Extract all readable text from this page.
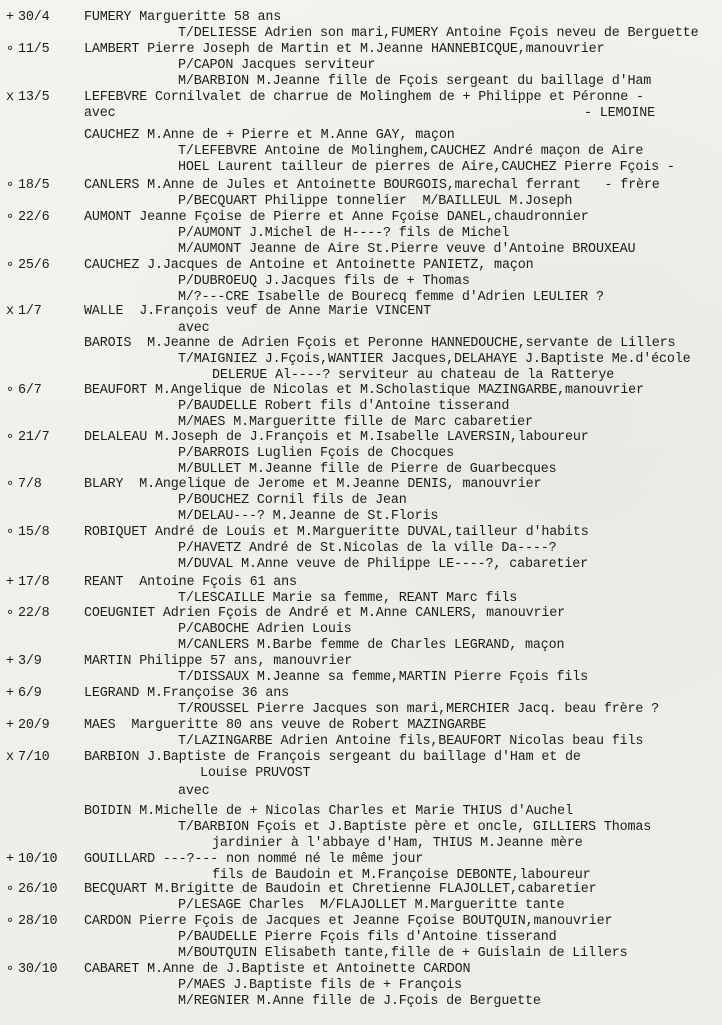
+ 30/4	FUMERY Margueritte 58 ans
T/DELIESSE Adrien son mari,FUMERY Antoine Fçois neveu de Berguette
∘ 11/5	LAMBERT Pierre Joseph de Martin et M.Jeanne HANNEBICQUE,manouvrier
P/CAPON Jacques serviteur
M/BARBION M.Jeanne fille de Fçois sergeant du baillage d'Ham
x 13/5	LEFEBVRE Cornilvalet de charrue de Molinghem de + Philippe et Péronne -
avec	- LEMOINE
CAUCHEZ M.Anne de + Pierre et M.Anne GAY, maçon
T/LEFEBVRE Antoine de Molinghem,CAUCHEZ André maçon de Aire
HOEL Laurent tailleur de pierres de Aire,CAUCHEZ Pierre Fçois -
∘ 18/5	CANLERS M.Anne de Jules et Antoinette BOURGOIS,marechal ferrant   - frère
P/BECQUART Philippe tonnelier  M/BAILLEUL M.Joseph
∘ 22/6	AUMONT Jeanne Fçoise de Pierre et Anne Fçoise DANEL,chaudronnier
P/AUMONT J.Michel de H----? fils de Michel
M/AUMONT Jeanne de Aire St.Pierre veuve d'Antoine BROUXEAU
∘ 25/6	CAUCHEZ J.Jacques de Antoine et Antoinette PANIETZ, maçon
P/DUBROEUQ J.Jacques fils de + Thomas
M/?---CRE Isabelle de Bourecq femme d'Adrien LEULIER ?
x 1/7	WALLE  J.François veuf de Anne Marie VINCENT
avec
BAROIS  M.Jeanne de Adrien Fçois et Peronne HANNEDOUCHE,servante de Lillers
T/MAIGNIEZ J.Fçois,WANTIER Jacques,DELAHAYE J.Baptiste Me.d'école
DELERUE Al----? serviteur au chateau de la Ratterye
∘ 6/7	BEAUFORT M.Angelique de Nicolas et M.Scholastique MAZINGARBE,manouvrier
P/BAUDELLE Robert fils d'Antoine tisserand
M/MAES M.Margueritte fille de Marc cabaretier
∘ 21/7	DELALEAU M.Joseph de J.François et M.Isabelle LAVERSIN,laboureur
P/BARROIS Luglien Fçois de Chocques
M/BULLET M.Jeanne fille de Pierre de Guarbecques
∘ 7/8	BLARY  M.Angelique de Jerome et M.Jeanne DENIS, manouvrier
P/BOUCHEZ Cornil fils de Jean
M/DELAU---? M.Jeanne de St.Floris
∘ 15/8	ROBIQUET André de Louis et M.Margueritte DUVAL,tailleur d'habits
P/HAVETZ André de St.Nicolas de la ville Da----?
M/DUVAL M.Anne veuve de Philippe LE----?, cabaretier
+ 17/8	REANT  Antoine Fçois 61 ans
T/LESCAILLE Marie sa femme, REANT Marc fils
∘ 22/8	COEUGNIET Adrien Fçois de André et M.Anne CANLERS, manouvrier
P/CABOCHE Adrien Louis
M/CANLERS M.Barbe femme de Charles LEGRAND, maçon
+ 3/9	MARTIN Philippe 57 ans, manouvrier
T/DISSAUX M.Jeanne sa femme,MARTIN Pierre Fçois fils
+ 6/9	LEGRAND M.Françoise 36 ans
T/ROUSSEL Pierre Jacques son mari,MERCHIER Jacq. beau frère ?
+ 20/9	MAES  Margueritte 80 ans veuve de Robert MAZINGARBE
T/LAZINGARBE Adrien Antoine fils,BEAUFORT Nicolas beau fils
x 7/10	BARBION J.Baptiste de François sergeant du baillage d'Ham et de
Louise PRUVOST
avec
BOIDIN M.Michelle de + Nicolas Charles et Marie THIUS d'Auchel
T/BARBION Fçois et J.Baptiste père et oncle, GILLIERS Thomas
jardinier à l'abbaye d'Ham, THIUS M.Jeanne mère
+ 10/10 GOUILLARD ---?--- non nommé né le même jour
fils de Baudoin et M.Françoise DEBONTE,laboureur
∘ 26/10 BECQUART M.Brigitte de Baudoin et Chretienne FLAJOLLET,cabaretier
P/LESAGE Charles  M/FLAJOLLET M.Margueritte tante
∘ 28/10 CARDON Pierre Fçois de Jacques et Jeanne Fçoise BOUTQUIN,manouvrier
P/BAUDELLE Pierre Fçois fils d'Antoine tisserand
M/BOUTQUIN Elisabeth tante,fille de + Guislain de Lillers
∘ 30/10 CABARET M.Anne de J.Baptiste et Antoinette CARDON
P/MAES J.Baptiste fils de + François
M/REGNIER M.Anne fille de J.Fçois de Berguette
